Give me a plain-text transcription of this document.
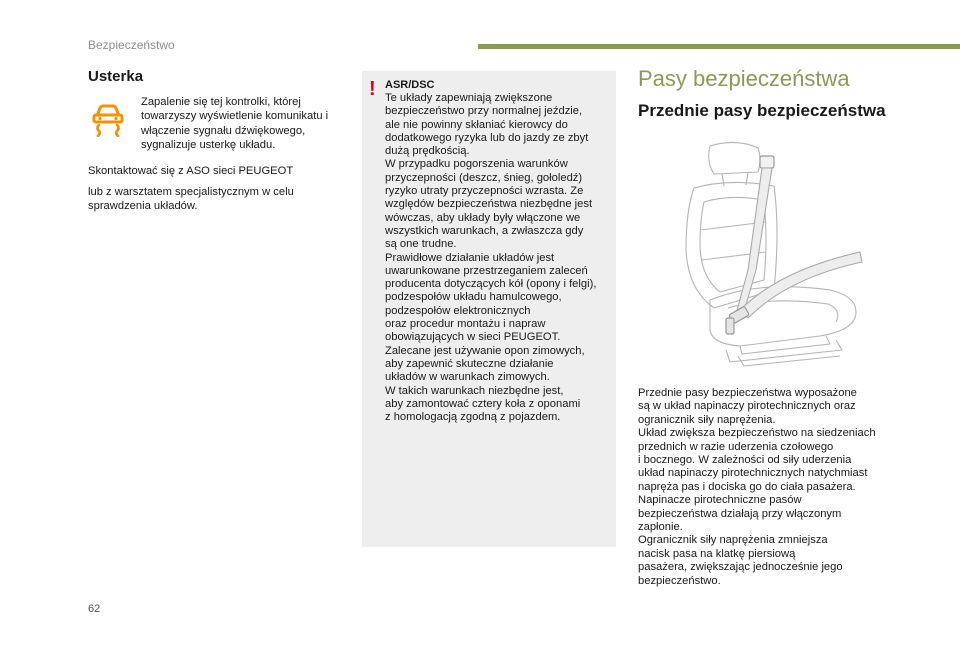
Bezpieczeństwo
Usterka
Zapalenie się tej kontrolki, której towarzyszy wyświetlenie komunikatu i włączenie sygnału dźwiękowego, sygnalizuje usterkę układu.
Skontaktować się z ASO sieci PEUGEOT
lub z warsztatem specjalistycznym w celu sprawdzenia układów.
! ASR/DSC
Te układy zapewniają zwiększone
bezpieczeństwo przy normalnej jeździe,
ale nie powinny skłaniać kierowcy do
dodatkowego ryzyka lub do jazdy ze zbyt
dużą prędkością.
W przypadku pogorszenia warunków
przyczepności (deszcz, śnieg, gołoledź)
ryzyko utraty przyczepności wzrasta. Ze
względów bezpieczeństwa niezbędne jest
wówczas, aby układy były włączone we
wszystkich warunkach, a zwłaszcza gdy
są one trudne.
Prawidłowe działanie układów jest
uwarunkowane przestrzeganiem zaleceń
producenta dotyczących kół (opony i felgi),
podzespołów układu hamulcowego,
podzespołów elektronicznych
oraz procedur montażu i napraw
obowiązujących w sieci PEUGEOT.
Zalecane jest używanie opon zimowych,
aby zapewnić skuteczne działanie
układów w warunkach zimowych.
W takich warunkach niezbędne jest,
aby zamontować cztery koła z oponami
z homologacją zgodną z pojazdem.
Pasy bezpieczeństwa
Przednie pasy bezpieczeństwa
Przednie pasy bezpieczeństwa wyposażone
są w układ napinaczy pirotechnicznych oraz
ogranicznik siły naprężenia.
Układ zwiększa bezpieczeństwo na siedzeniach
przednich w razie uderzenia czołowego
i bocznego. W zależności od siły uderzenia
układ napinaczy pirotechnicznych natychmiast
napręża pas i dociska go do ciała pasażera.
Napinacze pirotechniczne pasów
bezpieczeństwa działają przy włączonym
zapłonie.
Ogranicznik siły naprężenia zmniejsza
nacisk pasa na klatkę piersiową
pasażera, zwiększając jednocześnie jego
bezpieczeństwo.
62
